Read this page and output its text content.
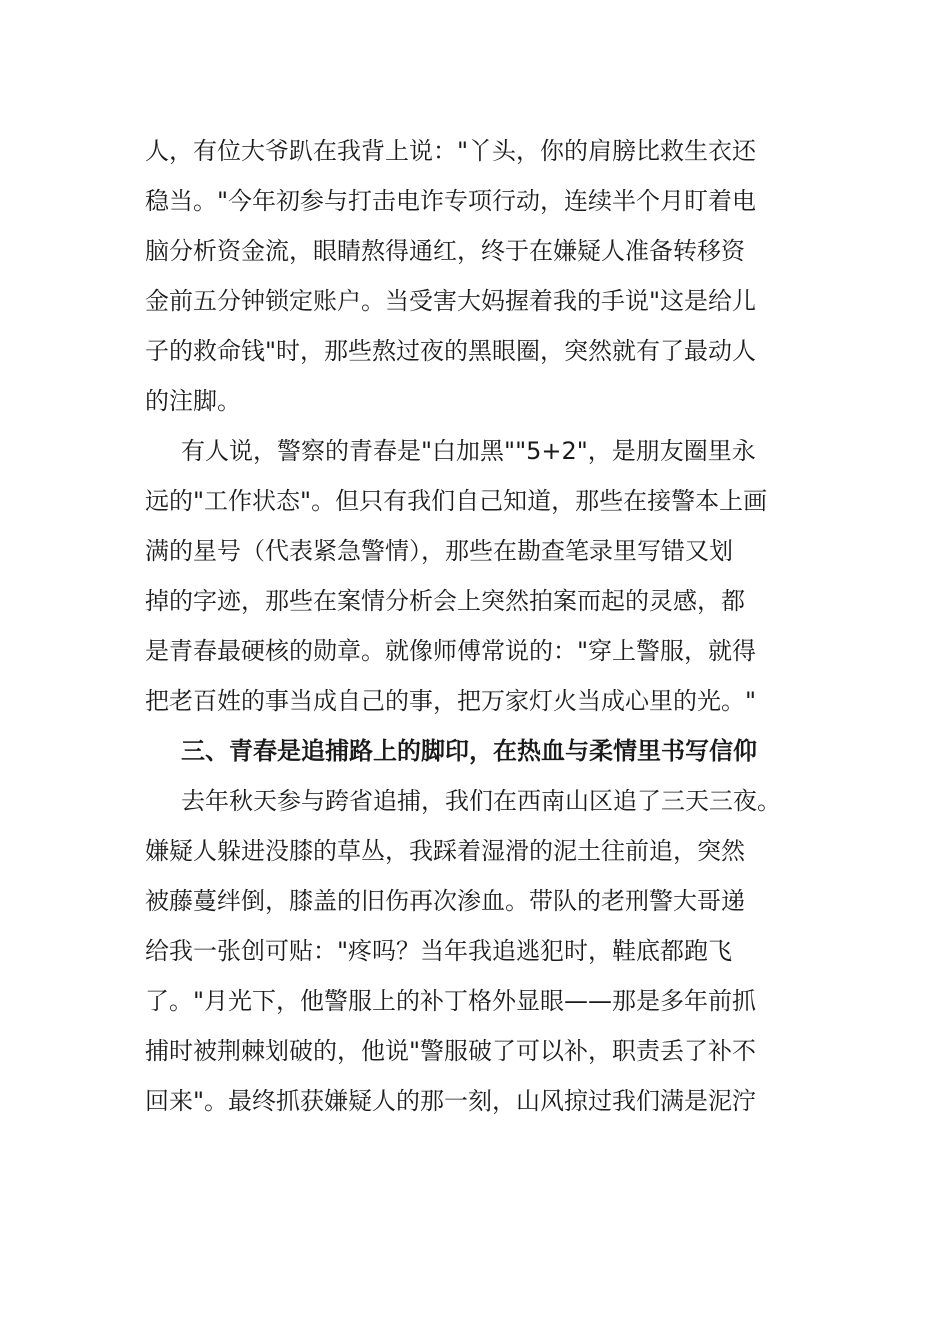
人，有位大爷趴在我背上说："丫头，你的肩膀比救生衣还
稳当。"今年初参与打击电诈专项行动，连续半个月盯着电
脑分析资金流，眼睛熬得通红，终于在嫌疑人准备转移资
金前五分钟锁定账户。当受害大妈握着我的手说"这是给儿
子的救命钱"时，那些熬过夜的黑眼圈，突然就有了最动人
的注脚。
有人说，警察的青春是"白加黑""5+2"，是朋友圈里永
远的"工作状态"。但只有我们自己知道，那些在接警本上画
满的星号（代表紧急警情），那些在勘查笔录里写错又划
掉的字迹，那些在案情分析会上突然拍案而起的灵感，都
是青春最硬核的勋章。就像师傅常说的："穿上警服，就得
把老百姓的事当成自己的事，把万家灯火当成心里的光。"
三、青春是追捕路上的脚印，在热血与柔情里书写信仰
去年秋天参与跨省追捕，我们在西南山区追了三天三夜。
嫌疑人躲进没膝的草丛，我踩着湿滑的泥土往前追，突然
被藤蔓绊倒，膝盖的旧伤再次渗血。带队的老刑警大哥递
给我一张创可贴："疼吗？当年我追逃犯时，鞋底都跑飞
了。"月光下，他警服上的补丁格外显眼——那是多年前抓
捕时被荆棘划破的，他说"警服破了可以补，职责丢了补不
回来"。最终抓获嫌疑人的那一刻，山风掠过我们满是泥泞
